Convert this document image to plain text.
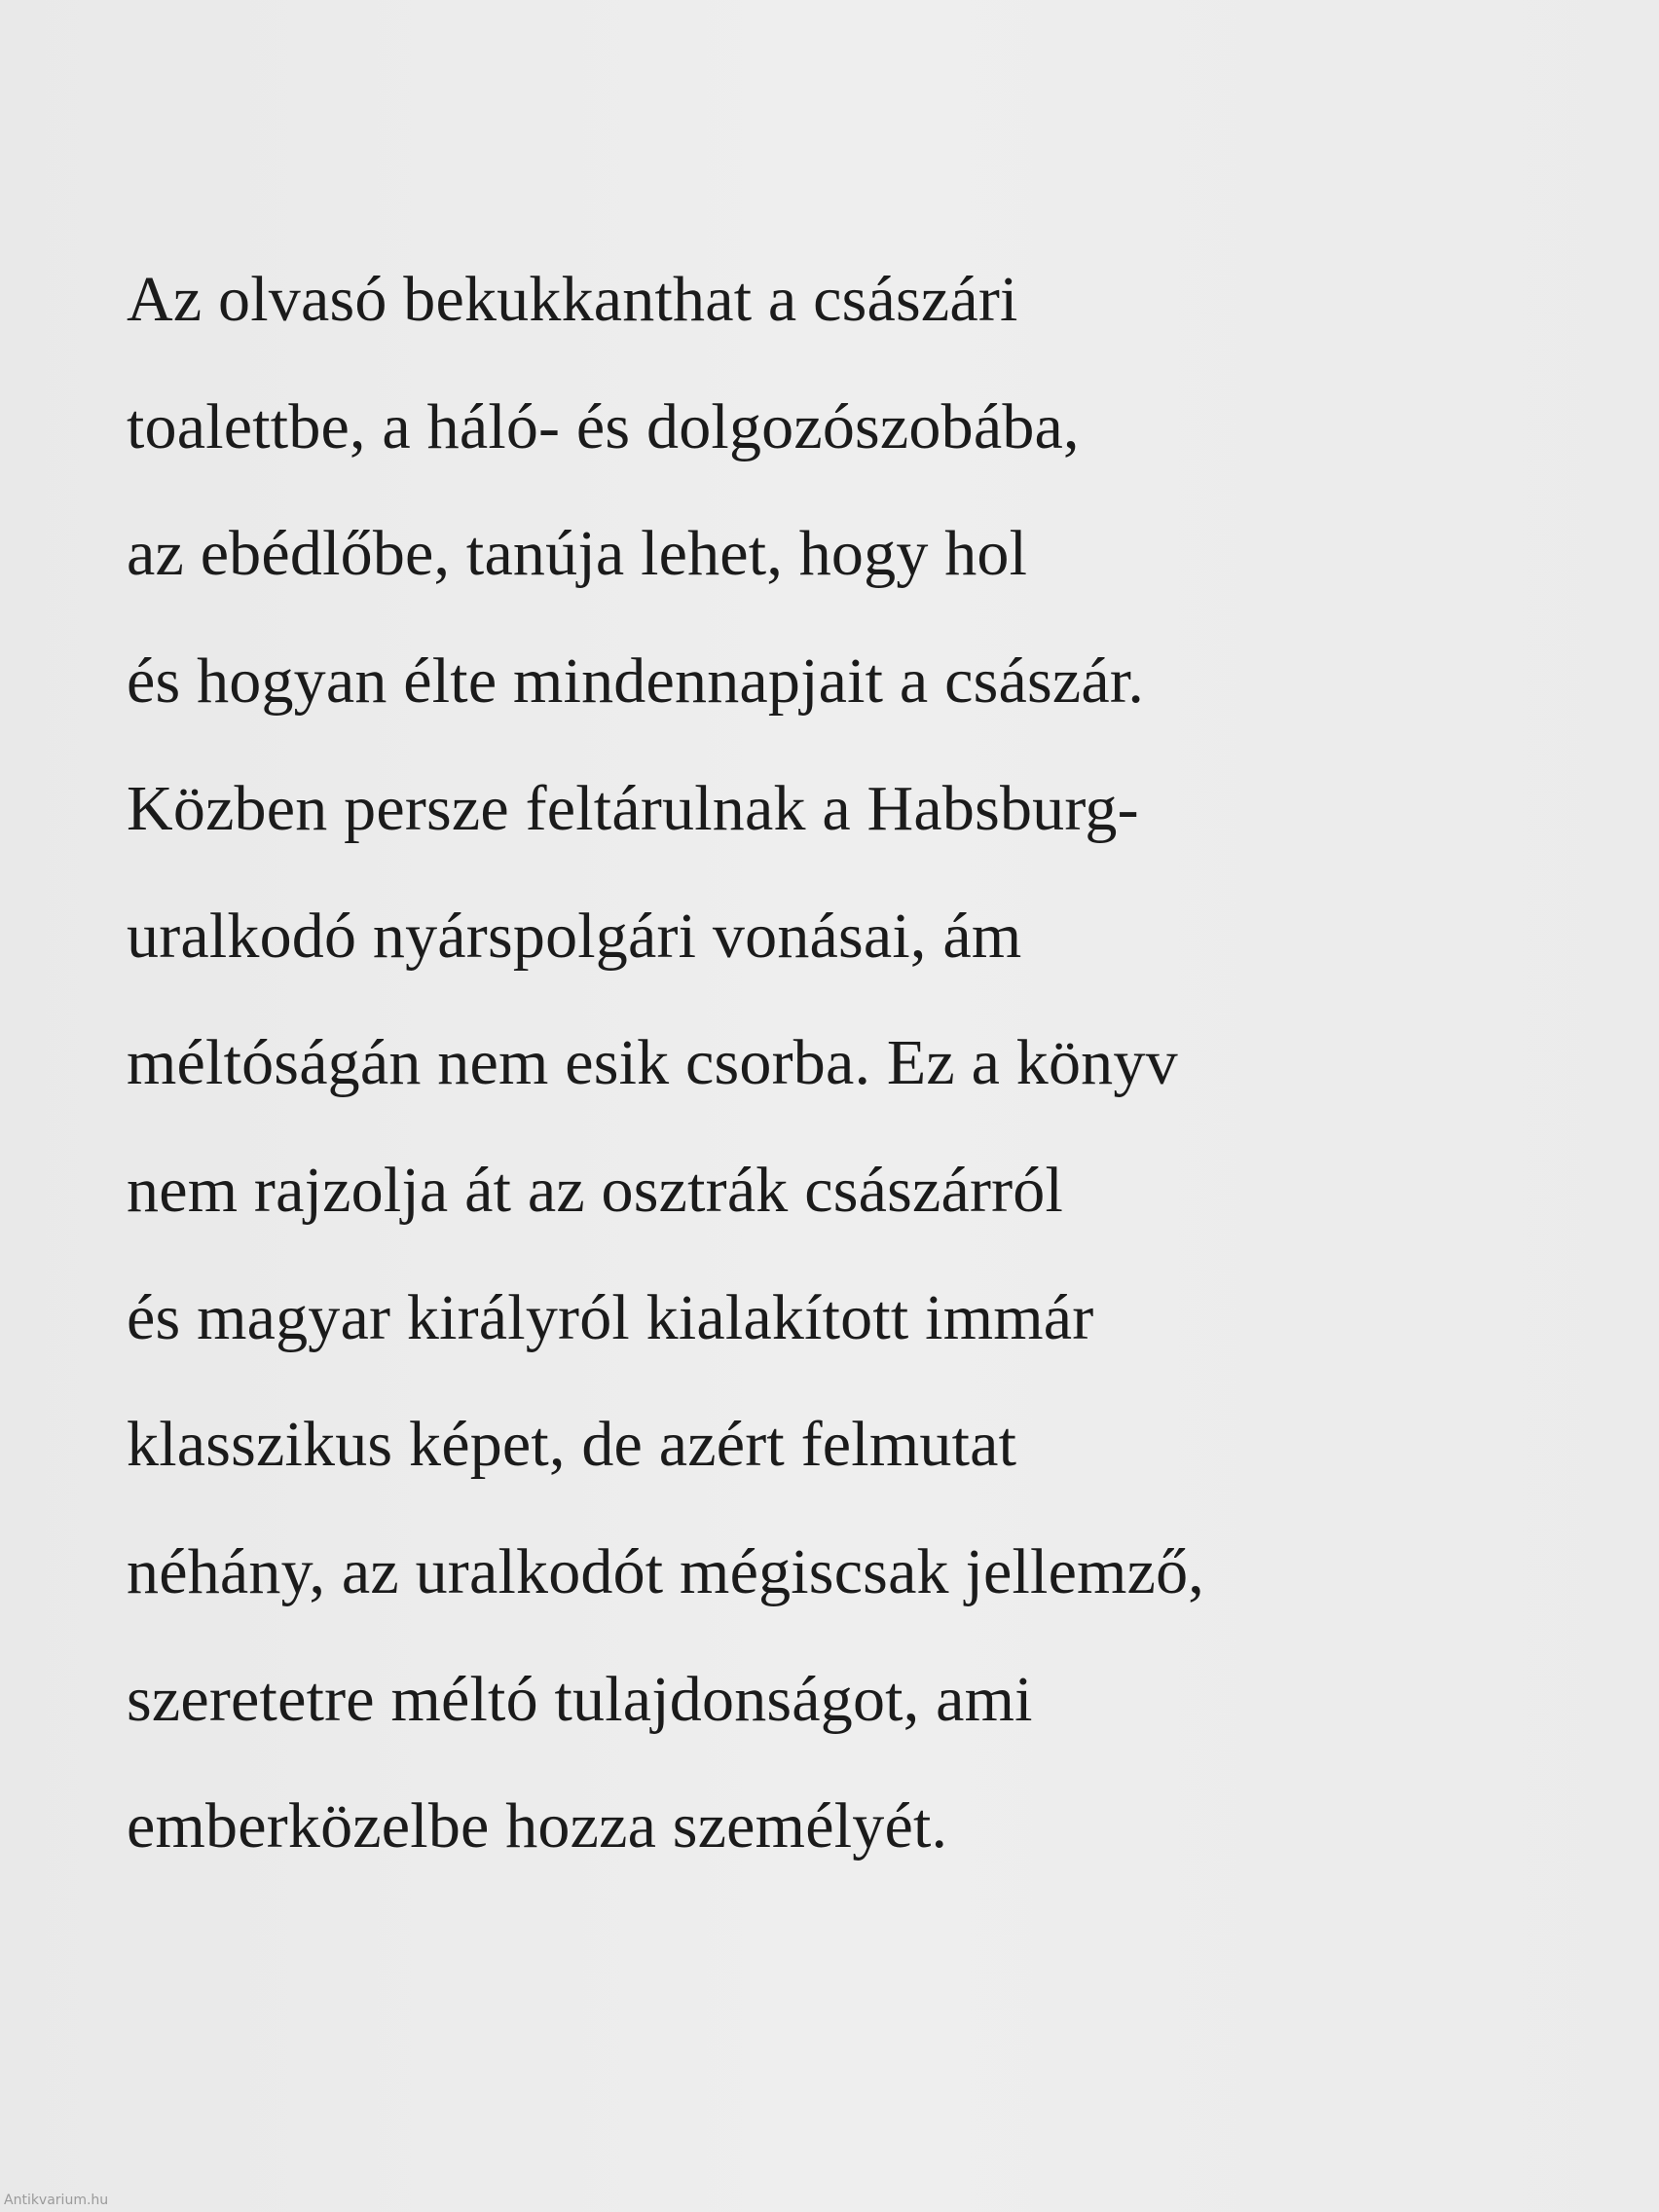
Az olvasó bekukkanthat a császári
toalettbe, a háló- és dolgozószobába,
az ebédlőbe, tanúja lehet, hogy hol
és hogyan élte mindennapjait a császár.
Közben persze feltárulnak a Habsburg-
uralkodó nyárspolgári vonásai, ám
méltóságán nem esik csorba. Ez a könyv
nem rajzolja át az osztrák császárról
és magyar királyról kialakított immár
klasszikus képet, de azért felmutat
néhány, az uralkodót mégiscsak jellemző,
szeretetre méltó tulajdonságot, ami
emberközelbe hozza személyét.
Antikvarium.hu
